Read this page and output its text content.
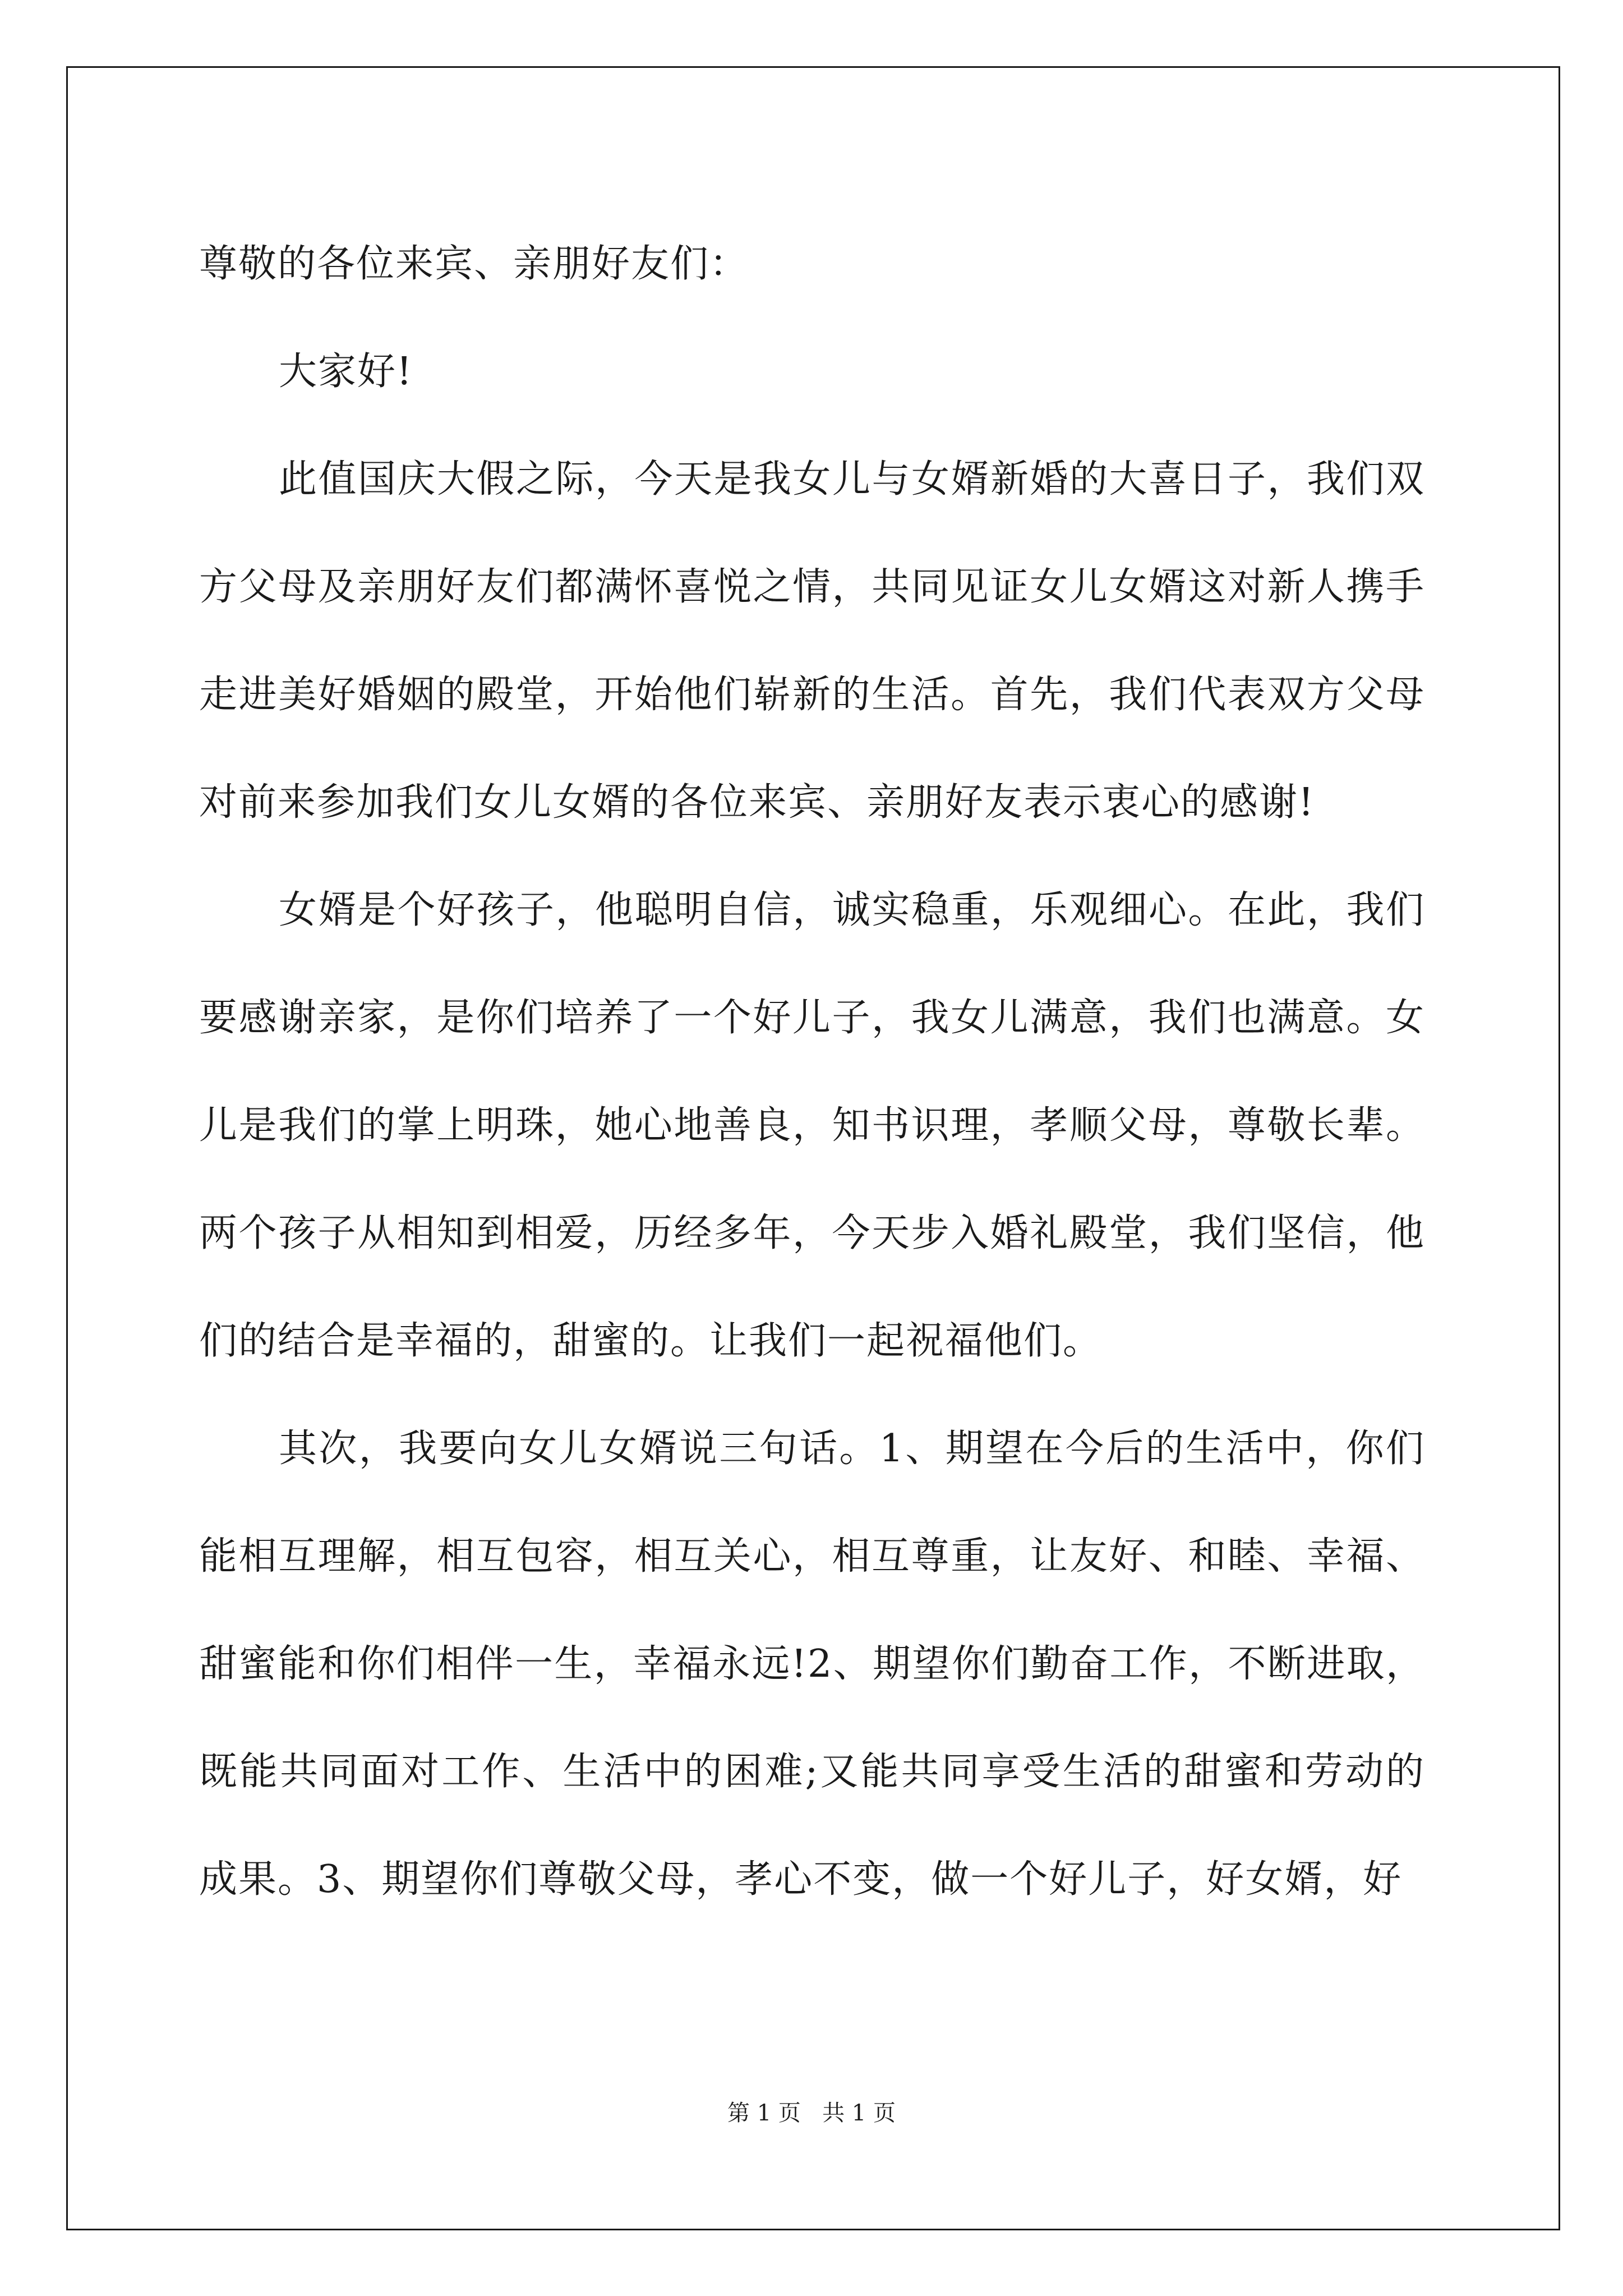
尊敬的各位来宾、亲朋好友们：

大家好!

此值国庆大假之际，今天是我女儿与女婿新婚的大喜日子，我们双方父母及亲朋好友们都满怀喜悦之情，共同见证女儿女婿这对新人携手走进美好婚姻的殿堂，开始他们崭新的生活。首先，我们代表双方父母对前来参加我们女儿女婿的各位来宾、亲朋好友表示衷心的感谢!

女婿是个好孩子，他聪明自信，诚实稳重，乐观细心。在此，我们要感谢亲家，是你们培养了一个好儿子，我女儿满意，我们也满意。女儿是我们的掌上明珠，她心地善良，知书识理，孝顺父母，尊敬长辈。两个孩子从相知到相爱，历经多年，今天步入婚礼殿堂，我们坚信，他们的结合是幸福的，甜蜜的。让我们一起祝福他们。

其次，我要向女儿女婿说三句话。1、期望在今后的生活中，你们能相互理解，相互包容，相互关心，相互尊重，让友好、和睦、幸福、甜蜜能和你们相伴一生，幸福永远!2、期望你们勤奋工作，不断进取，既能共同面对工作、生活中的困难;又能共同享受生活的甜蜜和劳动的成果。3、期望你们尊敬父母，孝心不变，做一个好儿子，好女婿，好

第 1 页   共 1 页
